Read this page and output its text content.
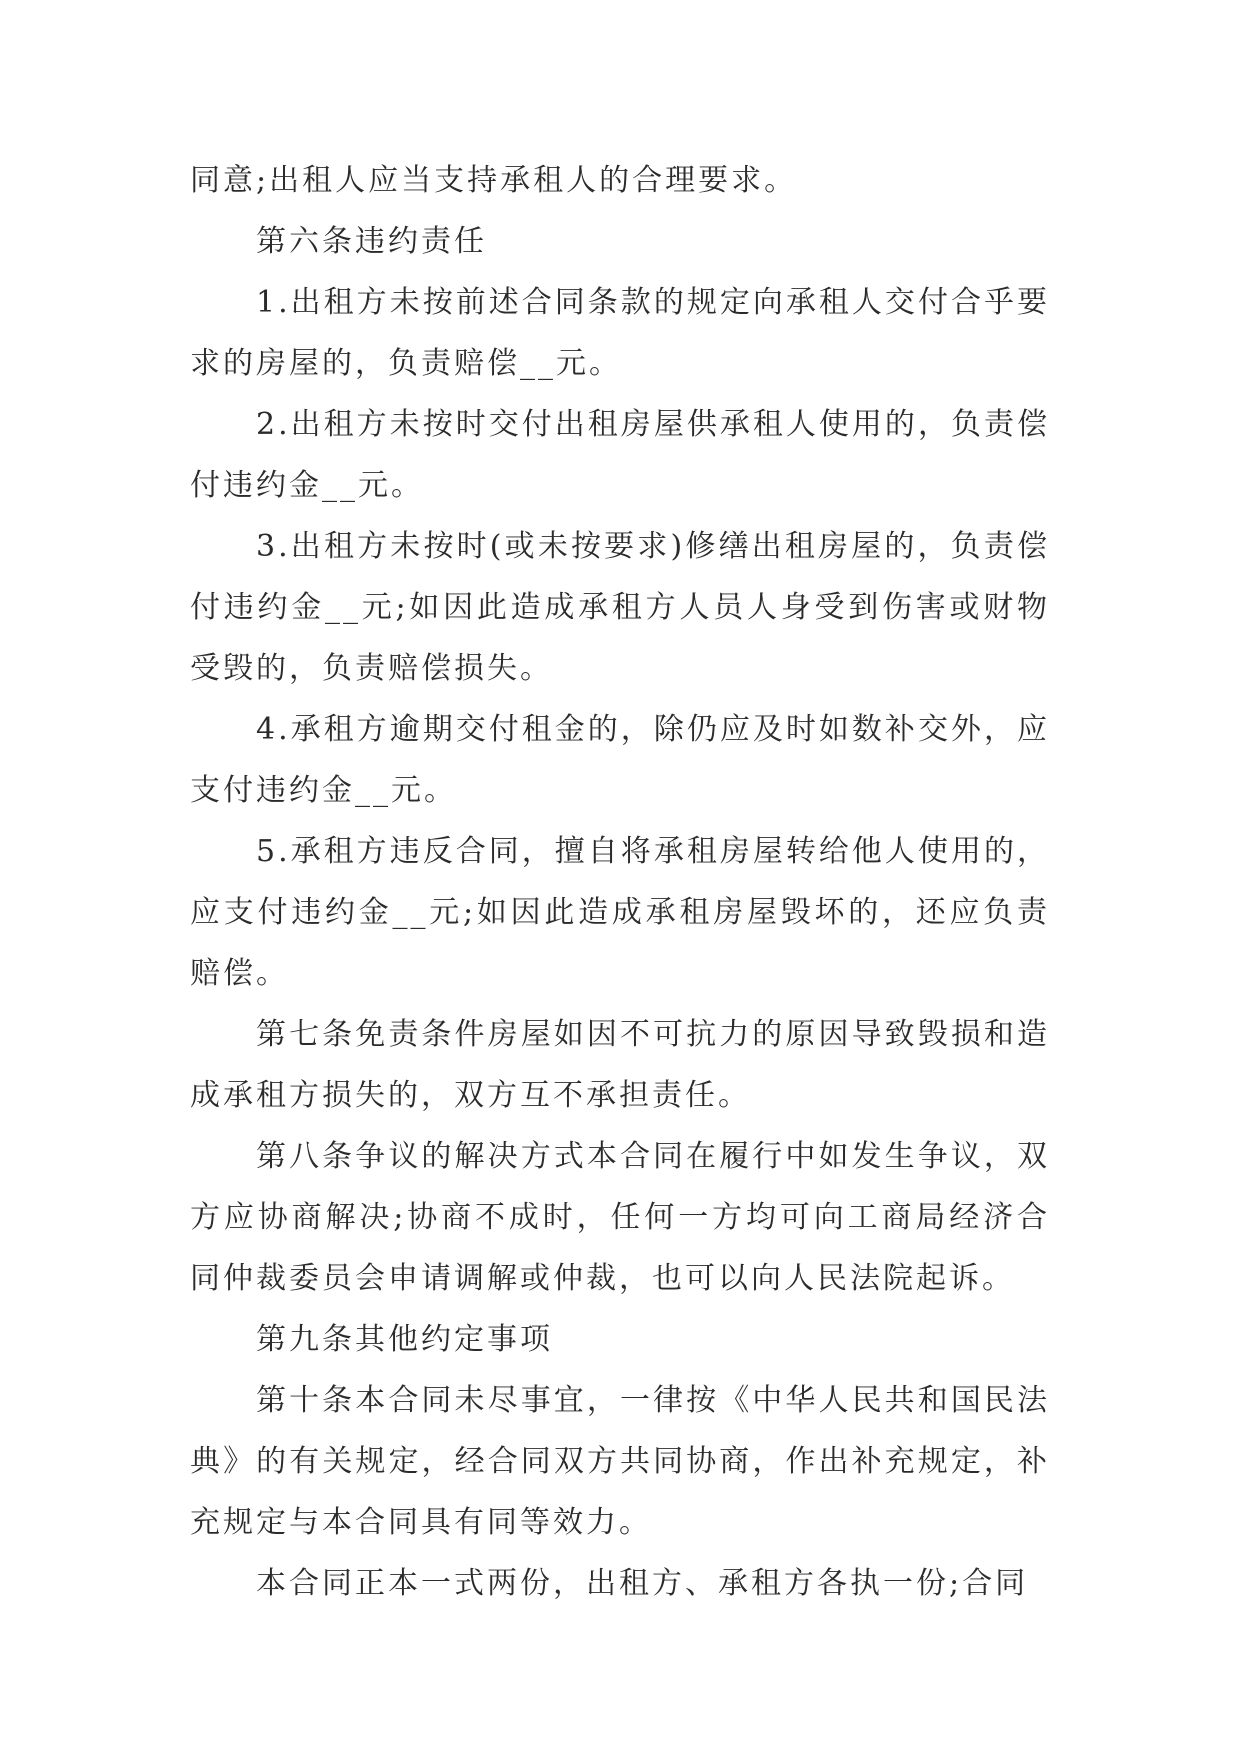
同意;出租人应当支持承租人的合理要求。

第六条违约责任

1.出租方未按前述合同条款的规定向承租人交付合乎要求的房屋的，负责赔偿__元。

2.出租方未按时交付出租房屋供承租人使用的，负责偿付违约金__元。

3.出租方未按时(或未按要求)修缮出租房屋的，负责偿付违约金__元;如因此造成承租方人员人身受到伤害或财物受毁的，负责赔偿损失。

4.承租方逾期交付租金的，除仍应及时如数补交外，应支付违约金__元。

5.承租方违反合同，擅自将承租房屋转给他人使用的，应支付违约金__元;如因此造成承租房屋毁坏的，还应负责赔偿。

第七条免责条件房屋如因不可抗力的原因导致毁损和造成承租方损失的，双方互不承担责任。

第八条争议的解决方式本合同在履行中如发生争议，双方应协商解决;协商不成时，任何一方均可向工商局经济合同仲裁委员会申请调解或仲裁，也可以向人民法院起诉。

第九条其他约定事项

第十条本合同未尽事宜，一律按《中华人民共和国民法典》的有关规定，经合同双方共同协商，作出补充规定，补充规定与本合同具有同等效力。

本合同正本一式两份，出租方、承租方各执一份;合同
